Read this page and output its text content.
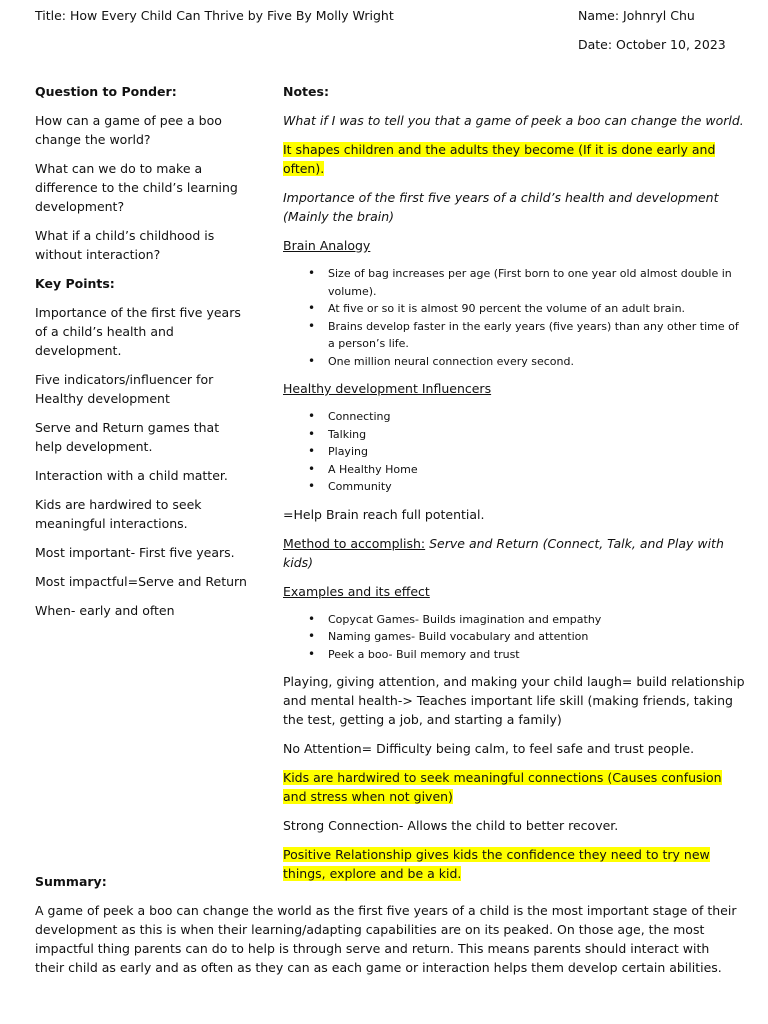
Title: How Every Child Can Thrive by Five By Molly Wright	Name: Johnryl Chu
Date: October 10, 2023
Question to Ponder:
How can a game of pee a boo change the world?
What can we do to make a difference to the child’s learning development?
What if a child’s childhood is without interaction?
Key Points:
Importance of the first five years of a child’s health and development.
Five indicators/influencer for Healthy development
Serve and Return games that help development.
Interaction with a child matter.
Kids are hardwired to seek meaningful interactions.
Most important- First five years.
Most impactful=Serve and Return
When- early and often
Notes:
What if I was to tell you that a game of peek a boo can change the world.
It shapes children and the adults they become (If it is done early and often).
Importance of the first five years of a child’s health and development (Mainly the brain)
Brain Analogy
• Size of bag increases per age (First born to one year old almost double in volume).
• At five or so it is almost 90 percent the volume of an adult brain.
• Brains develop faster in the early years (five years) than any other time of a person’s life.
• One million neural connection every second.
Healthy development Influencers
• Connecting
• Talking
• Playing
• A Healthy Home
• Community
=Help Brain reach full potential.
Method to accomplish: Serve and Return (Connect, Talk, and Play with kids)
Examples and its effect
• Copycat Games- Builds imagination and empathy
• Naming games- Build vocabulary and attention
• Peek a boo- Buil memory and trust
Playing, giving attention, and making your child laugh= build relationship and mental health-> Teaches important life skill (making friends, taking the test, getting a job, and starting a family)
No Attention= Difficulty being calm, to feel safe and trust people.
Kids are hardwired to seek meaningful connections (Causes confusion and stress when not given)
Strong Connection- Allows the child to better recover.
Positive Relationship gives kids the confidence they need to try new things, explore and be a kid.
Summary:
A game of peek a boo can change the world as the first five years of a child is the most important stage of their development as this is when their learning/adapting capabilities are on its peaked. On those age, the most impactful thing parents can do to help is through serve and return. This means parents should interact with their child as early and as often as they can as each game or interaction helps them develop certain abilities.
